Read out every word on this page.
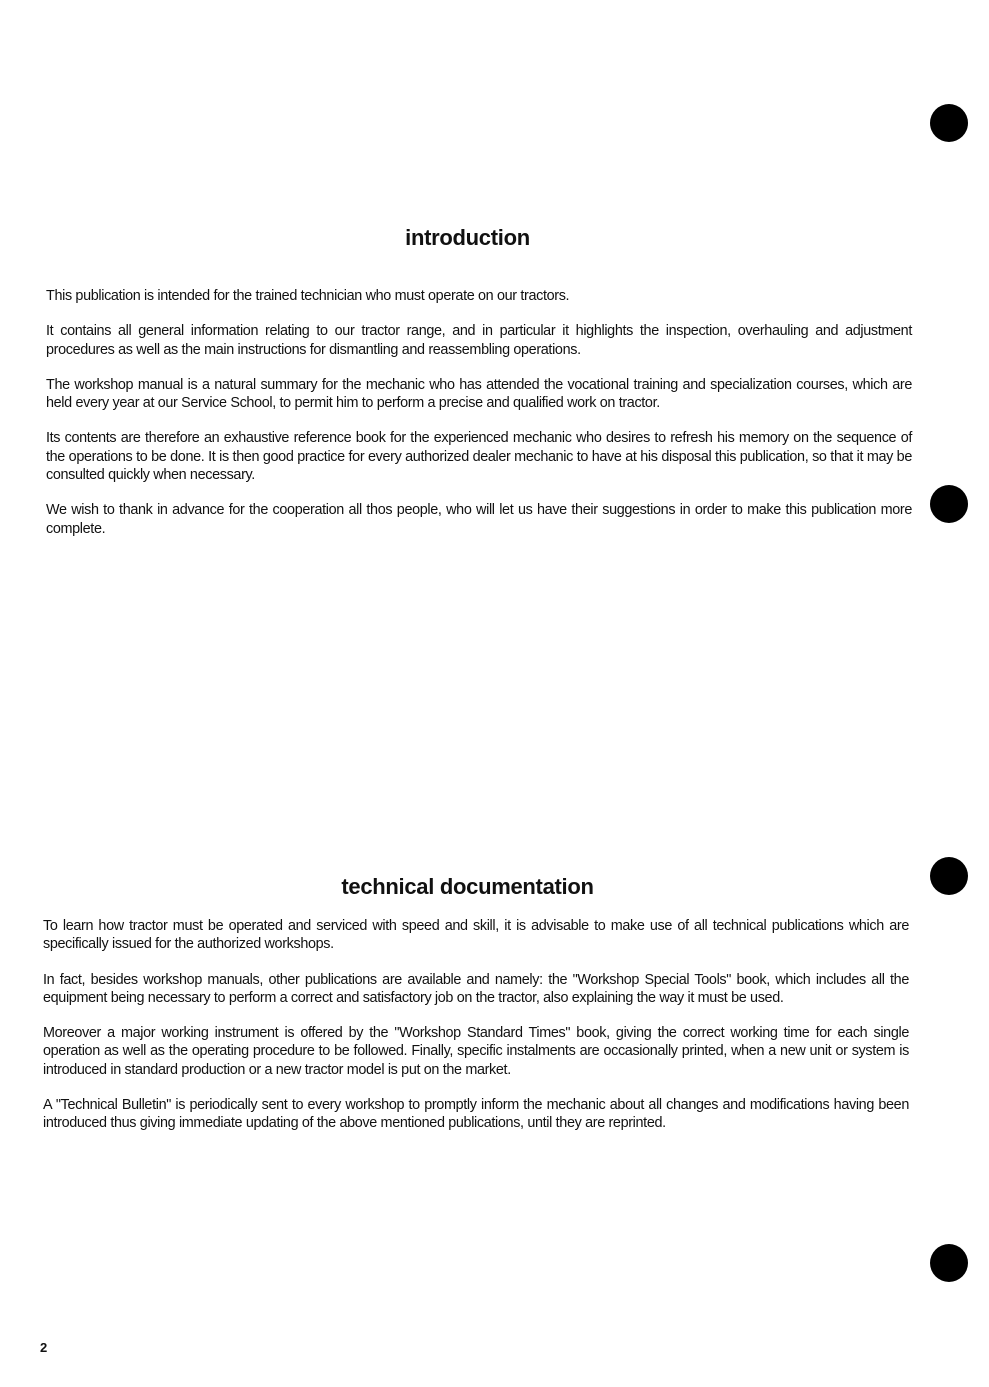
introduction

This publication is intended for the trained technician who must operate on our tractors.

It contains all general information relating to our tractor range, and in particular it highlights the inspection, overhauling and adjustment procedures as well as the main instructions for dismantling and reassembling operations.

The workshop manual is a natural summary for the mechanic who has attended the vocational training and specialization courses, which are held every year at our Service School, to permit him to perform a precise and qualified work on tractor.

Its contents are therefore an exhaustive reference book for the experienced mechanic who desires to refresh his memory on the sequence of the operations to be done. It is then good practice for every authorized dealer mechanic to have at his disposal this publication, so that it may be consulted quickly when necessary.

We wish to thank in advance for the cooperation all thos people, who will let us have their suggestions in order to make this publication more complete.

technical documentation

To learn how tractor must be operated and serviced with speed and skill, it is advisable to make use of all technical publications which are specifically issued for the authorized workshops.

In fact, besides workshop manuals, other publications are available and namely: the "Workshop Special Tools" book, which includes all the equipment being necessary to perform a correct and satisfactory job on the tractor, also explaining the way it must be used.

Moreover a major working instrument is offered by the "Workshop Standard Times" book, giving the correct working time for each single operation as well as the operating procedure to be followed. Finally, specific instalments are occasionally printed, when a new unit or system is introduced in standard production or a new tractor model is put on the market.

A "Technical Bulletin" is periodically sent to every workshop to promptly inform the mechanic about all changes and modifications having been introduced thus giving immediate updating of the above mentioned publications, until they are reprinted.

2
